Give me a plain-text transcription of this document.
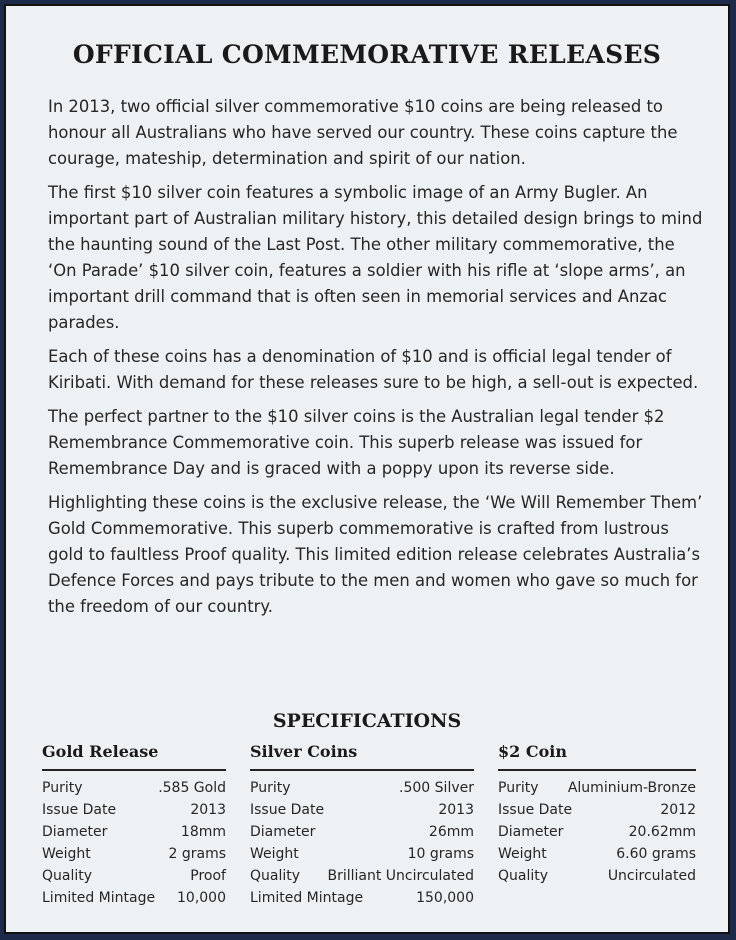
OFFICIAL COMMEMORATIVE RELEASES

In 2013, two official silver commemorative $10 coins are being released to honour all Australians who have served our country. These coins capture the courage, mateship, determination and spirit of our nation.

The first $10 silver coin features a symbolic image of an Army Bugler. An important part of Australian military history, this detailed design brings to mind the haunting sound of the Last Post. The other military commemorative, the ‘On Parade’ $10 silver coin, features a soldier with his rifle at ‘slope arms’, an important drill command that is often seen in memorial services and Anzac parades.

Each of these coins has a denomination of $10 and is official legal tender of Kiribati. With demand for these releases sure to be high, a sell-out is expected.

The perfect partner to the $10 silver coins is the Australian legal tender $2 Remembrance Commemorative coin. This superb release was issued for Remembrance Day and is graced with a poppy upon its reverse side.

Highlighting these coins is the exclusive release, the ‘We Will Remember Them’ Gold Commemorative. This superb commemorative is crafted from lustrous gold to faultless Proof quality. This limited edition release celebrates Australia’s Defence Forces and pays tribute to the men and women who gave so much for the freedom of our country.

SPECIFICATIONS
Gold Release
Purity	.585 Gold
Issue Date	2013
Diameter	18mm
Weight	2 grams
Quality	Proof
Limited Mintage 10,000
Silver Coins
Purity	.500 Silver
Issue Date	2013
Diameter	26mm
Weight	10 grams
Quality Brilliant Uncirculated
Limited Mintage	150,000
$2 Coin
Purity Aluminium-Bronze
Issue Date	2012
Diameter	20.62mm
Weight	6.60 grams
Quality	Uncirculated
